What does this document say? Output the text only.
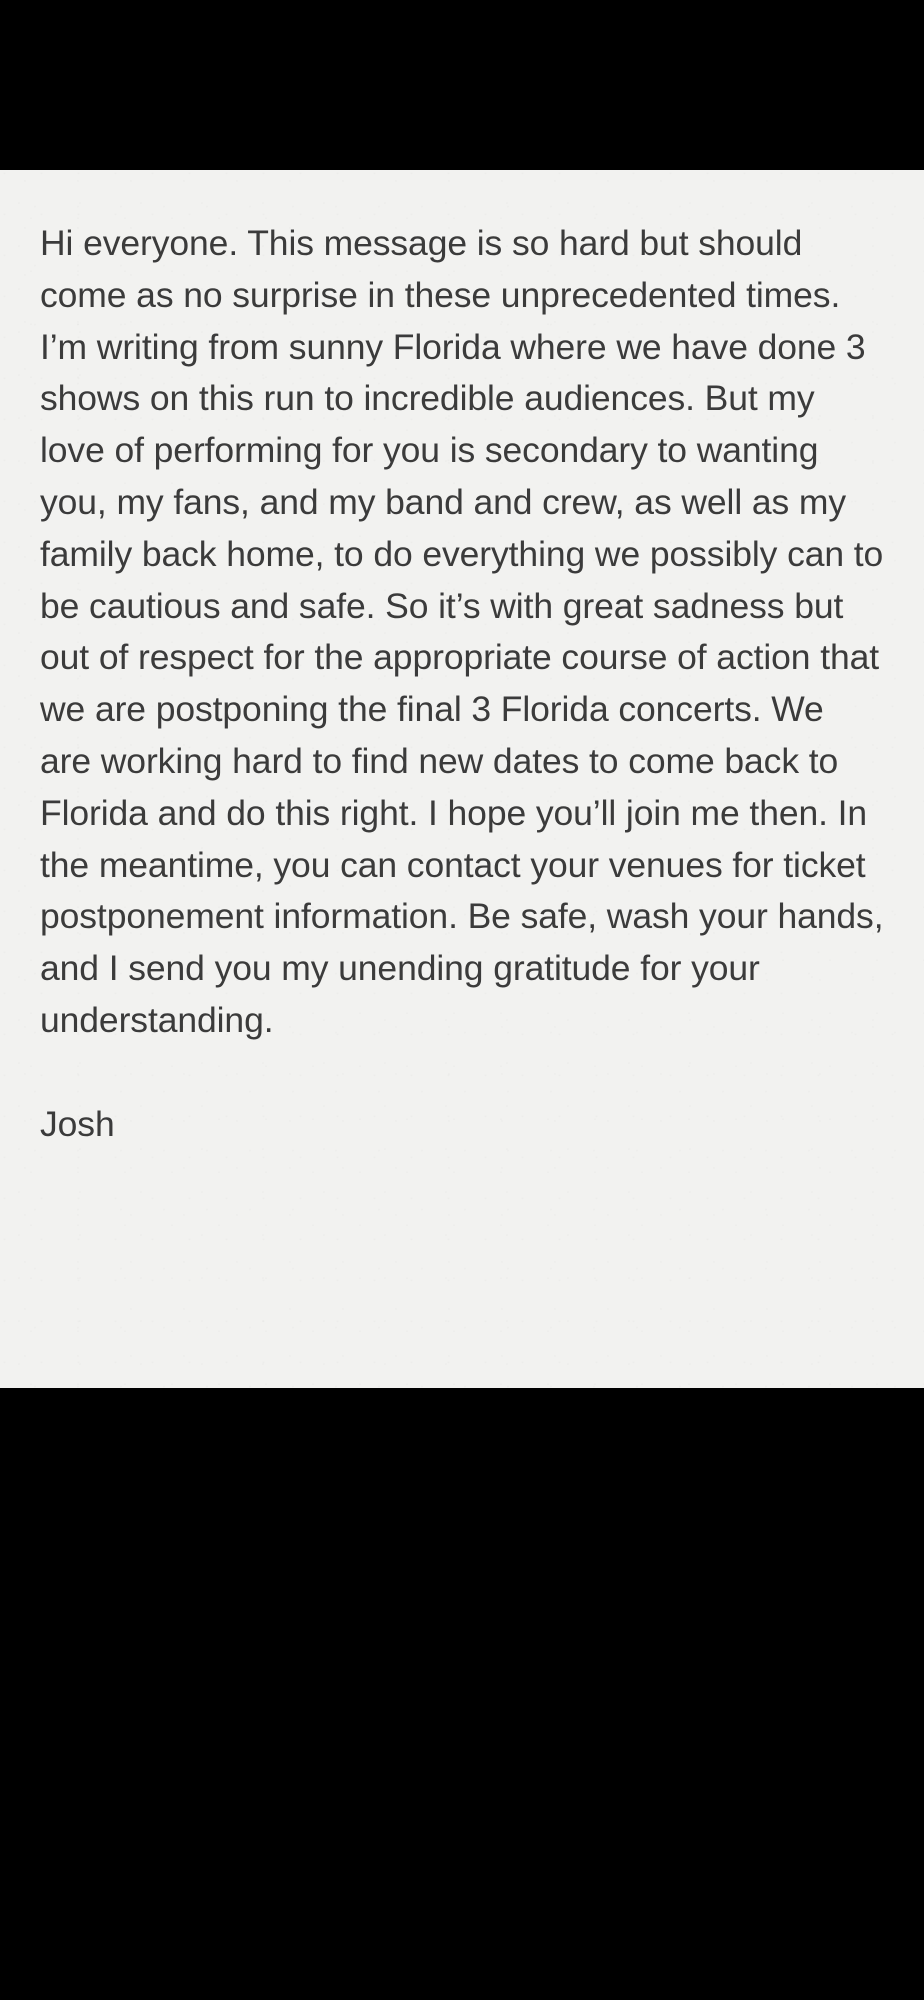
Hi everyone. This message is so hard but should come as no surprise in these unprecedented times. I’m writing from sunny Florida where we have done 3 shows on this run to incredible audiences. But my love of performing for you is secondary to wanting you, my fans, and my band and crew, as well as my family back home, to do everything we possibly can to be cautious and safe. So it’s with great sadness but out of respect for the appropriate course of action that we are postponing the final 3 Florida concerts. We are working hard to find new dates to come back to Florida and do this right. I hope you’ll join me then. In the meantime, you can contact your venues for ticket postponement information. Be safe, wash your hands, and I send you my unending gratitude for your understanding.

Josh
